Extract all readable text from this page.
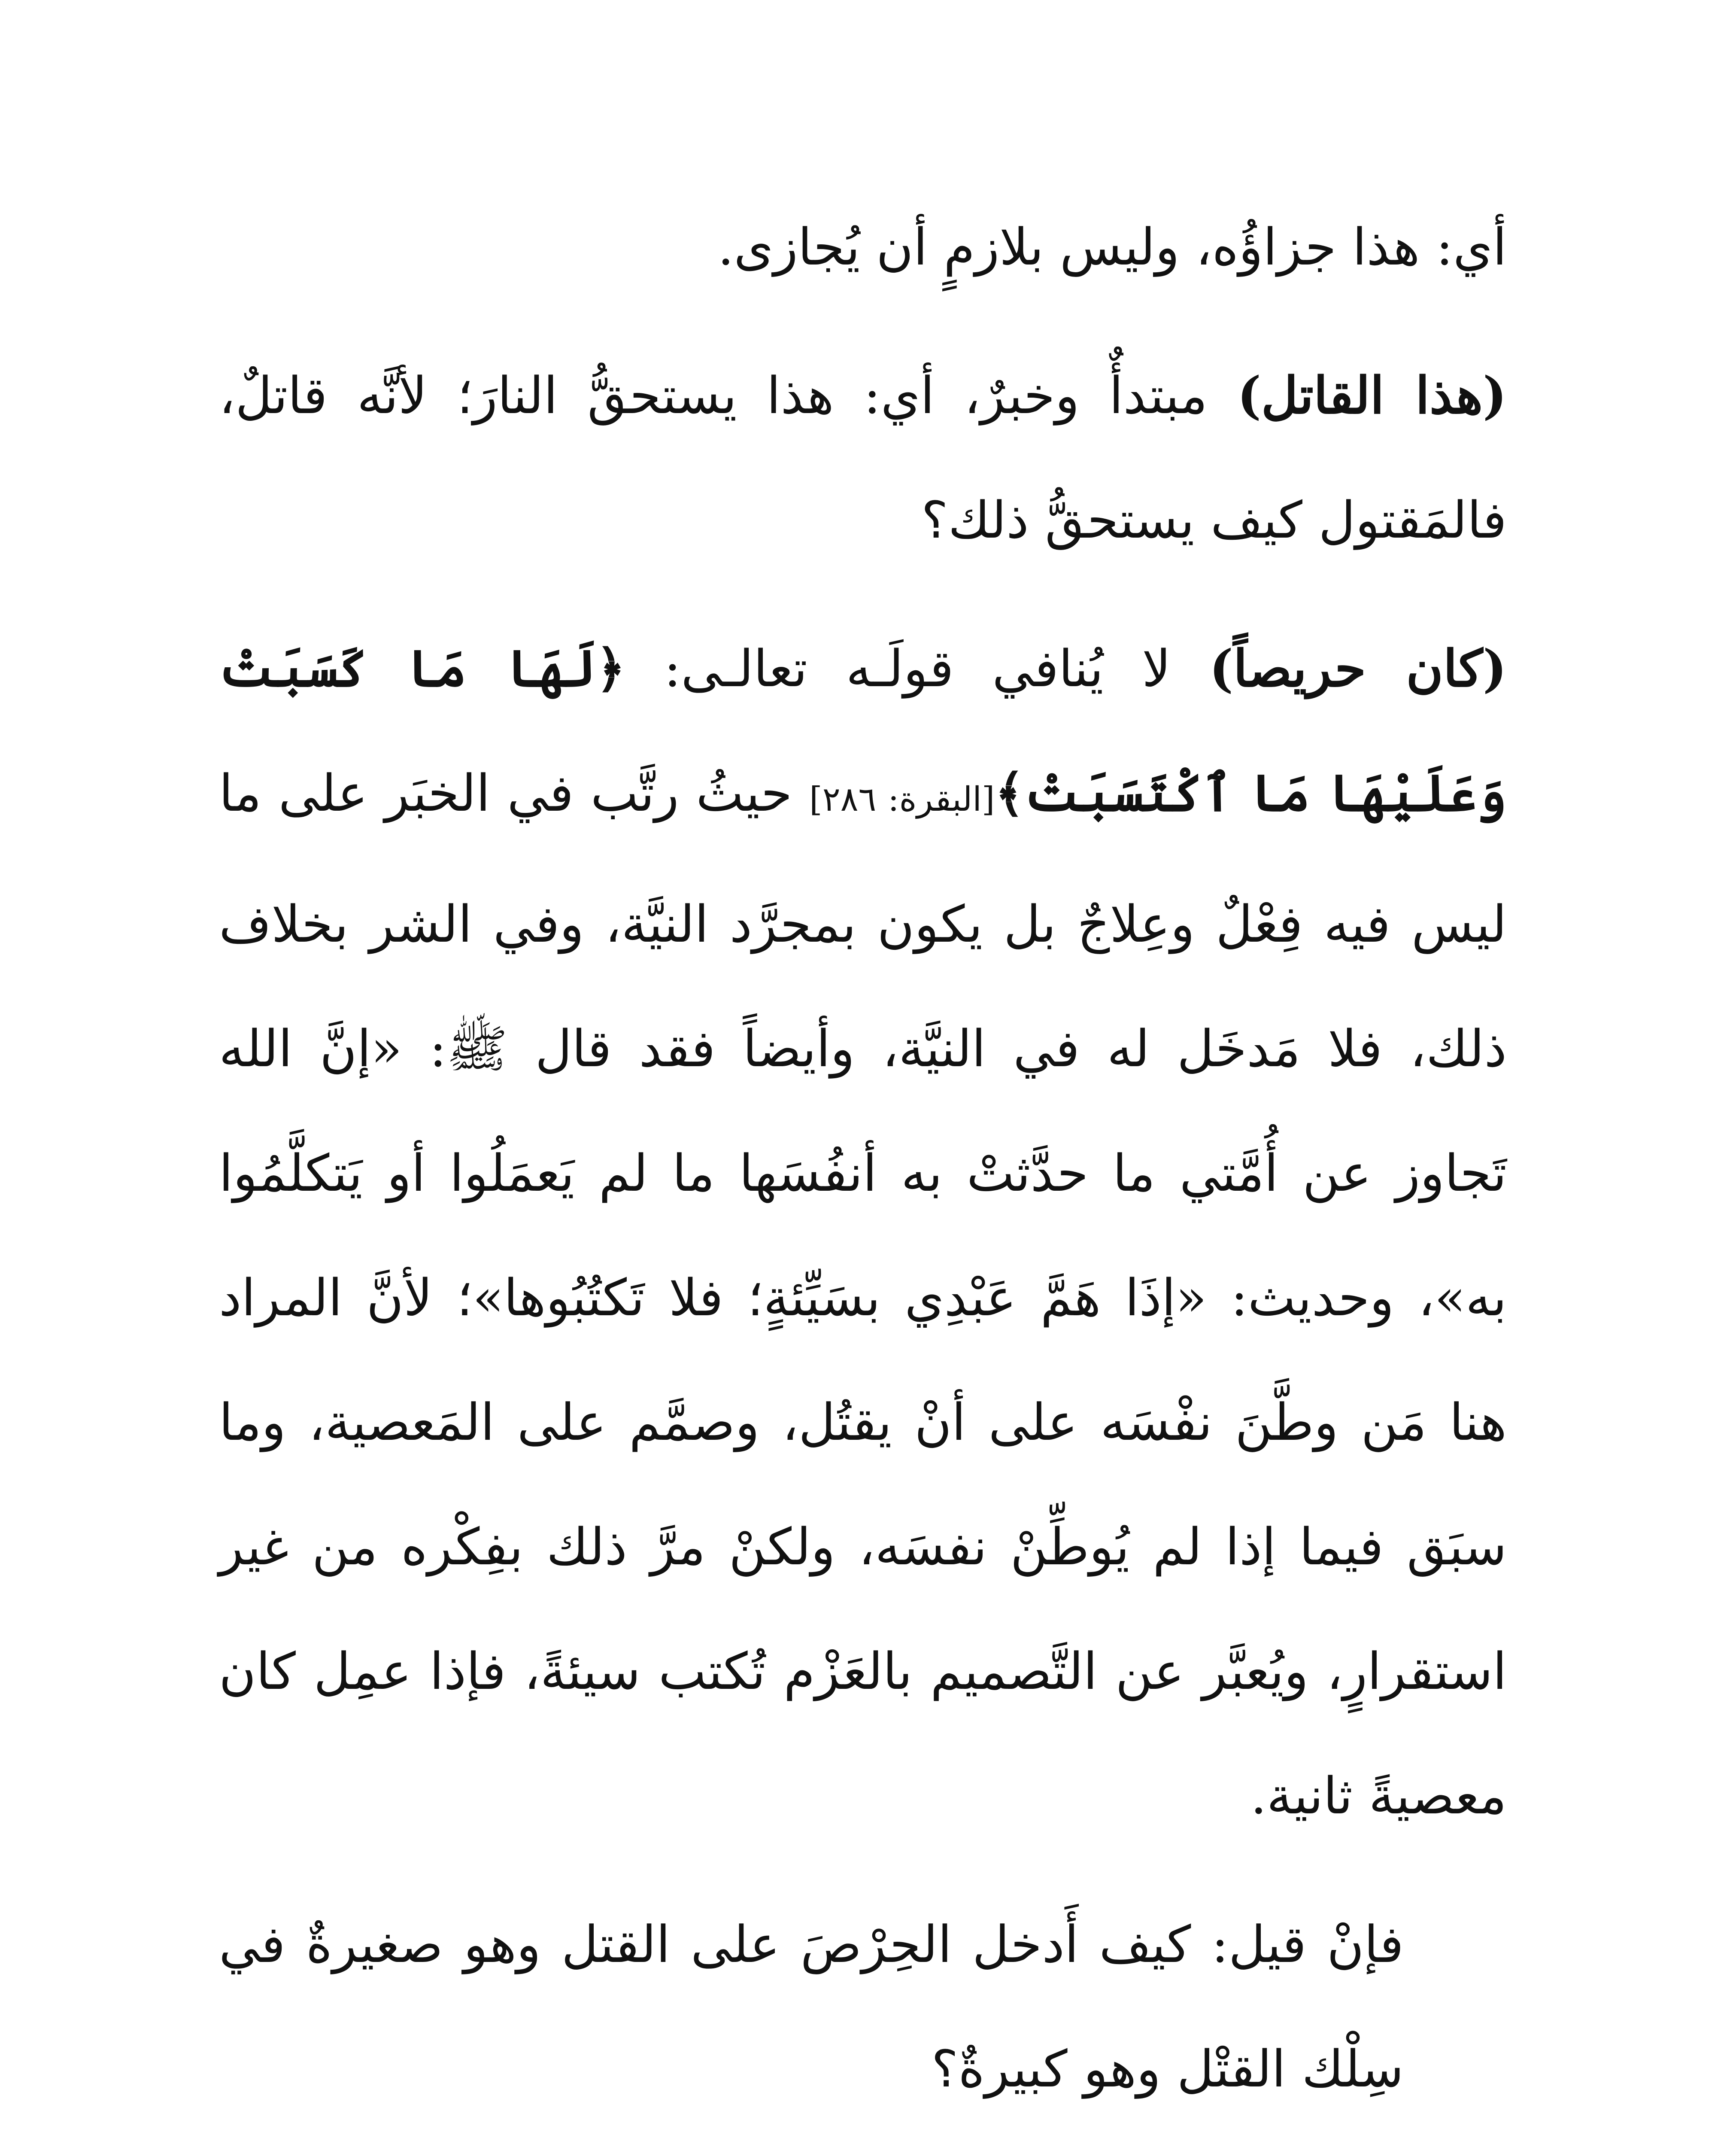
أي: هذا جزاؤُه، وليس بلازمٍ أن يُجازى.

(هذا القاتل) مبتدأٌ وخبرٌ، أي: هذا يستحقُّ النارَ؛ لأنَّه قاتلٌ، فالمَقتول كيف يستحقُّ ذلك؟

(كان حريصاً) لا يُنافي قولَـه تعالـى: ﴿لَهَا مَا كَسَبَتْ وَعَلَيْهَا مَا ٱكْتَسَبَتْ﴾[البقرة: ٢٨٦] حيثُ رتَّب في الخبَر على ما ليس فيه فِعْلٌ وعِلاجٌ بل يكون بمجرَّد النيَّة، وفي الشر بخلاف ذلك، فلا مَدخَل له في النيَّة، وأيضاً فقد قال ﷺ: «إنَّ الله تَجاوز عن أُمَّتي ما حدَّثتْ به أنفُسَها ما لم يَعمَلُوا أو يَتكلَّمُوا به»، وحديث: «إذَا هَمَّ عَبْدِي بسَيِّئةٍ؛ فلا تَكتُبُوها»؛ لأنَّ المراد هنا مَن وطَّنَ نفْسَه على أنْ يقتُل، وصمَّم على المَعصية، وما سبَق فيما إذا لم يُوطِّنْ نفسَه، ولكنْ مرَّ ذلك بفِكْره من غير استقرارٍ، ويُعبَّر عن التَّصميم بالعَزْم تُكتب سيئةً، فإذا عمِل كان معصيةً ثانية.

فإنْ قيل: كيف أَدخل الحِرْصَ على القتل وهو صغيرةٌ في سِلْك القتْل وهو كبيرةٌ؟
